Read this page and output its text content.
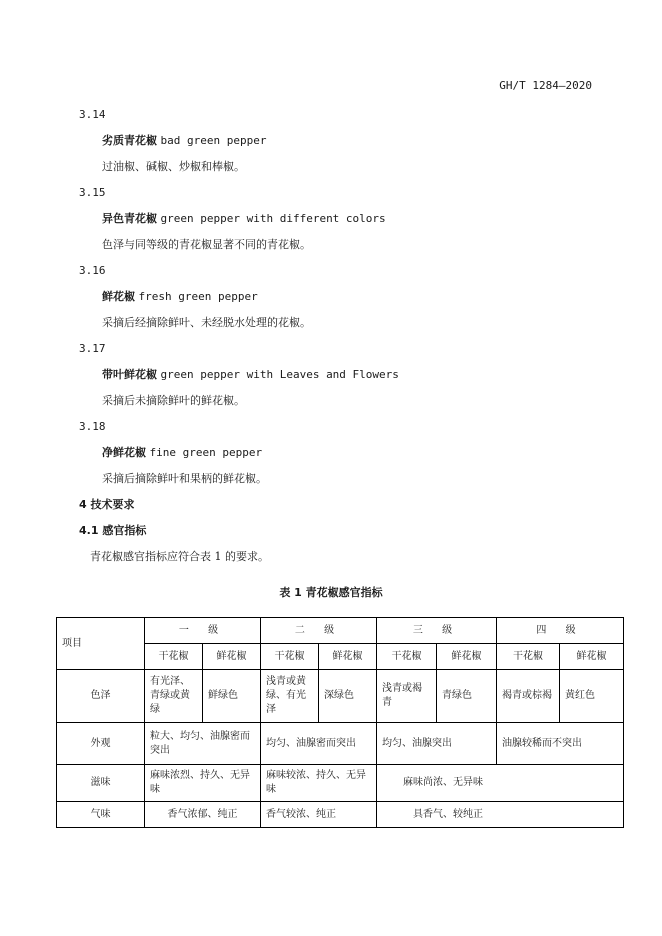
GH/T 1284—2020
3.14
劣质青花椒 bad green pepper
过油椒、碱椒、炒椒和棒椒。
3.15
异色青花椒 green pepper with different colors
色泽与同等级的青花椒显著不同的青花椒。
3.16
鲜花椒 fresh green pepper
采摘后经摘除鲜叶、未经脱水处理的花椒。
3.17
带叶鲜花椒 green pepper with Leaves and Flowers
采摘后未摘除鲜叶的鲜花椒。
3.18
净鲜花椒 fine green pepper
采摘后摘除鲜叶和果柄的鲜花椒。
4 技术要求
4.1 感官指标
青花椒感官指标应符合表 1 的要求。
表 1 青花椒感官指标
项目	一 级		二 级		三 级		四 级	
	干花椒	鲜花椒	干花椒	鲜花椒	干花椒	鲜花椒	干花椒	鲜花椒
色泽	有光泽、青绿或黄绿	鲜绿色	浅青或黄绿、有光泽	深绿色	浅青或褐青	青绿色	褐青或棕褐	黄红色
外观	粒大、均匀、油腺密而突出		均匀、油腺密而突出		均匀、油腺突出		油腺较稀而不突出	
滋味	麻味浓烈、持久、无异味		麻味较浓、持久、无异味		麻味尚浓、无异味			
气味	香气浓郁、纯正		香气较浓、纯正		具香气、较纯正			
